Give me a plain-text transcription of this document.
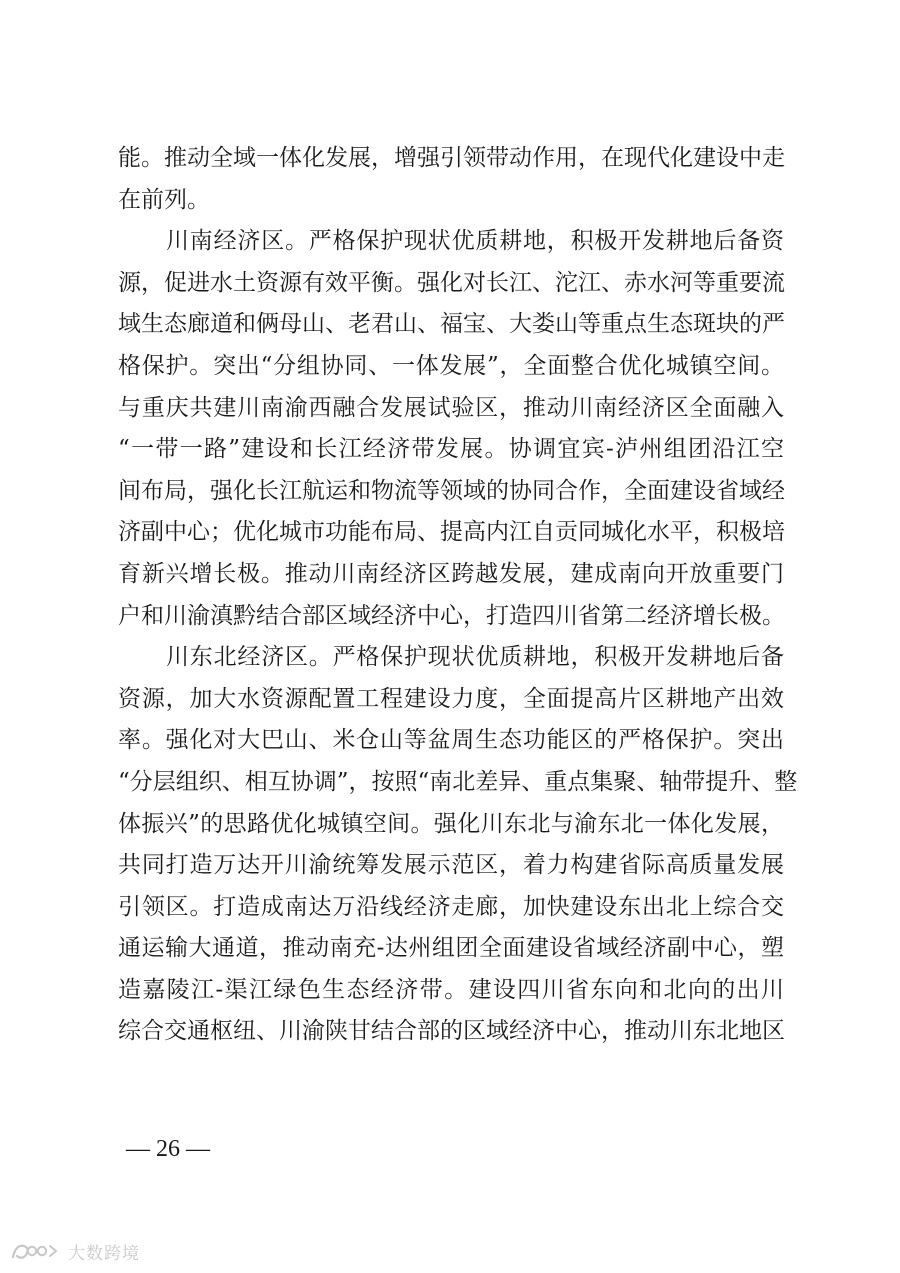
能。推动全域一体化发展，增强引领带动作用，在现代化建设中走
在前列。
川南经济区。严格保护现状优质耕地，积极开发耕地后备资
源，促进水土资源有效平衡。强化对长江、沱江、赤水河等重要流
域生态廊道和俩母山、老君山、福宝、大娄山等重点生态斑块的严
格保护。突出“分组协同、一体发展”，全面整合优化城镇空间。
与重庆共建川南渝西融合发展试验区，推动川南经济区全面融入
“一带一路”建设和长江经济带发展。协调宜宾-泸州组团沿江空
间布局，强化长江航运和物流等领域的协同合作，全面建设省域经
济副中心；优化城市功能布局、提高内江自贡同城化水平，积极培
育新兴增长极。推动川南经济区跨越发展，建成南向开放重要门
户和川渝滇黔结合部区域经济中心，打造四川省第二经济增长极。
川东北经济区。严格保护现状优质耕地，积极开发耕地后备
资源，加大水资源配置工程建设力度，全面提高片区耕地产出效
率。强化对大巴山、米仓山等盆周生态功能区的严格保护。突出
“分层组织、相互协调”，按照“南北差异、重点集聚、轴带提升、整
体振兴”的思路优化城镇空间。强化川东北与渝东北一体化发展，
共同打造万达开川渝统筹发展示范区，着力构建省际高质量发展
引领区。打造成南达万沿线经济走廊，加快建设东出北上综合交
通运输大通道，推动南充-达州组团全面建设省域经济副中心，塑
造嘉陵江-渠江绿色生态经济带。建设四川省东向和北向的出川
综合交通枢纽、川渝陕甘结合部的区域经济中心，推动川东北地区
— 26 —
大数跨境
